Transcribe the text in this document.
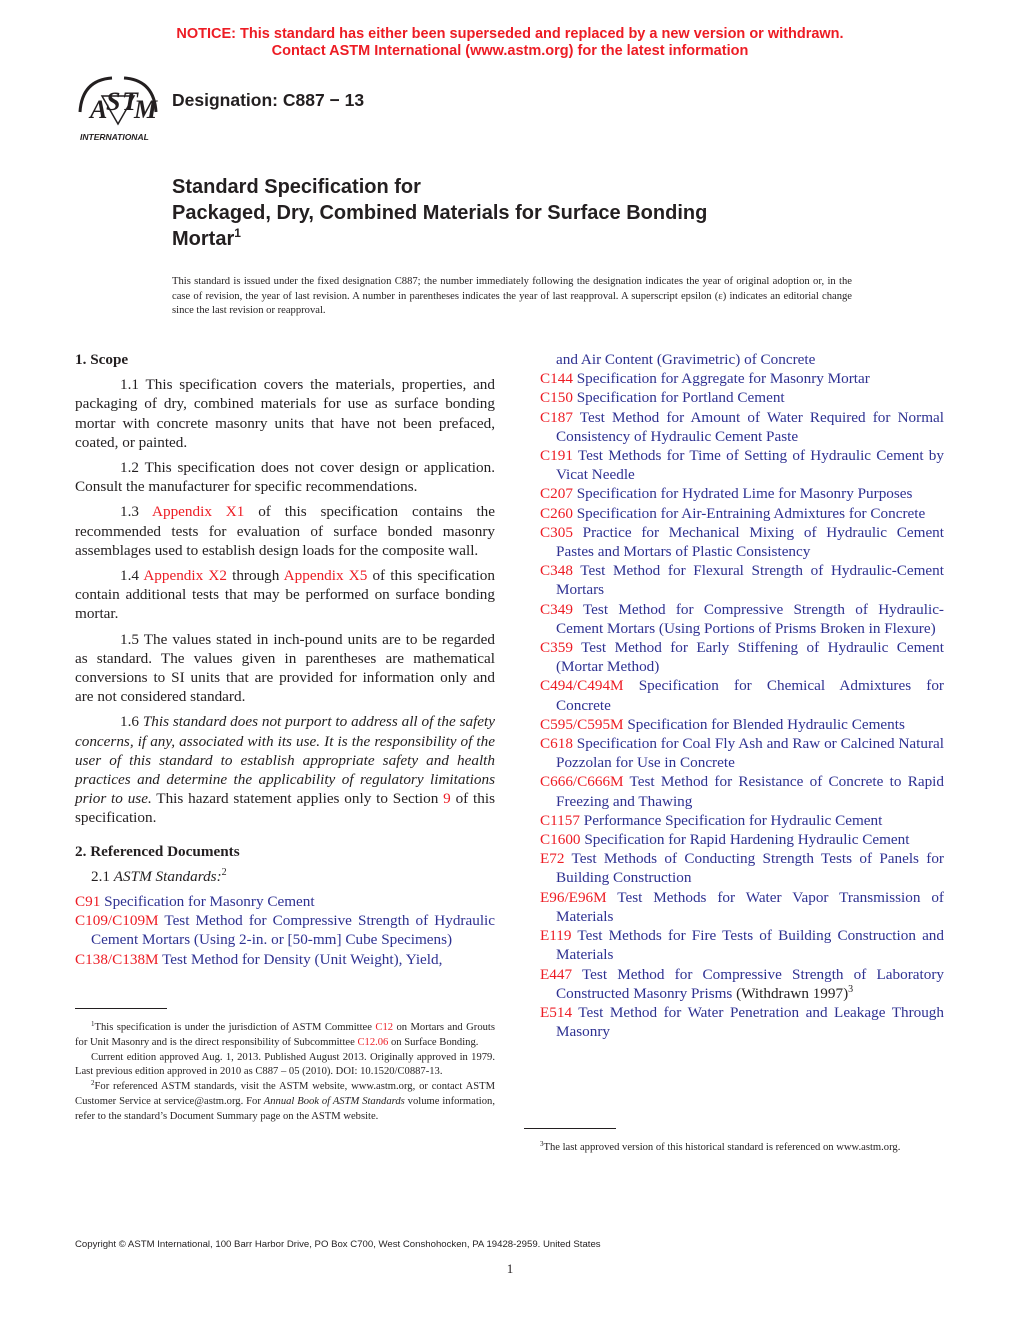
NOTICE: This standard has either been superseded and replaced by a new version or withdrawn.
Contact ASTM International (www.astm.org) for the latest information
A
S T
M
INTERNATIONAL
Designation: C887 − 13
Standard Specification for
Packaged, Dry, Combined Materials for Surface Bonding
Mortar$^1$
This standard is issued under the fixed designation C887; the number immediately following the designation indicates the year of original adoption or, in the case of revision, the year of last revision. A number in parentheses indicates the year of last reapproval. A superscript epsilon (ε) indicates an editorial change since the last revision or reapproval.
1. Scope
1.1 This specification covers the materials, properties, and packaging of dry, combined materials for use as surface bonding mortar with concrete masonry units that have not been prefaced, coated, or painted.
1.2 This specification does not cover design or application. Consult the manufacturer for specific recommendations.
1.3 Appendix X1 of this specification contains the recommended tests for evaluation of surface bonded masonry assemblages used to establish design loads for the composite wall.
1.4 Appendix X2 through Appendix X5 of this specification contain additional tests that may be performed on surface bonding mortar.
1.5 The values stated in inch-pound units are to be regarded as standard. The values given in parentheses are mathematical conversions to SI units that are provided for information only and are not considered standard.
1.6 This standard does not purport to address all of the safety concerns, if any, associated with its use. It is the responsibility of the user of this standard to establish appropriate safety and health practices and determine the applicability of regulatory limitations prior to use. This hazard statement applies only to Section 9 of this specification.
2. Referenced Documents
2.1 ASTM Standards:$^2$
C91 Specification for Masonry Cement
C109/C109M Test Method for Compressive Strength of Hydraulic Cement Mortars (Using 2-in. or [50-mm] Cube Specimens)
C138/C138M Test Method for Density (Unit Weight), Yield,

$^1$This specification is under the jurisdiction of ASTM Committee C12 on Mortars and Grouts for Unit Masonry and is the direct responsibility of Subcommittee C12.06 on Surface Bonding.

Current edition approved Aug. 1, 2013. Published August 2013. Originally approved in 1979. Last previous edition approved in 2010 as C887 – 05 (2010). DOI: 10.1520/C0887-13.

$^2$For referenced ASTM standards, visit the ASTM website, www.astm.org, or contact ASTM Customer Service at service@astm.org. For Annual Book of ASTM Standards volume information, refer to the standard’s Document Summary page on the ASTM website.

and Air Content (Gravimetric) of Concrete
C144 Specification for Aggregate for Masonry Mortar
C150 Specification for Portland Cement
C187 Test Method for Amount of Water Required for Normal Consistency of Hydraulic Cement Paste
C191 Test Methods for Time of Setting of Hydraulic Cement by Vicat Needle
C207 Specification for Hydrated Lime for Masonry Purposes
C260 Specification for Air-Entraining Admixtures for Concrete
C305 Practice for Mechanical Mixing of Hydraulic Cement Pastes and Mortars of Plastic Consistency
C348 Test Method for Flexural Strength of Hydraulic-Cement Mortars
C349 Test Method for Compressive Strength of Hydraulic-Cement Mortars (Using Portions of Prisms Broken in Flexure)
C359 Test Method for Early Stiffening of Hydraulic Cement (Mortar Method)
C494/C494M Specification for Chemical Admixtures for Concrete
C595/C595M Specification for Blended Hydraulic Cements
C618 Specification for Coal Fly Ash and Raw or Calcined Natural Pozzolan for Use in Concrete
C666/C666M Test Method for Resistance of Concrete to Rapid Freezing and Thawing
C1157 Performance Specification for Hydraulic Cement
C1600 Specification for Rapid Hardening Hydraulic Cement
E72 Test Methods of Conducting Strength Tests of Panels for Building Construction
E96/E96M Test Methods for Water Vapor Transmission of Materials
E119 Test Methods for Fire Tests of Building Construction and Materials
E447 Test Method for Compressive Strength of Laboratory Constructed Masonry Prisms (Withdrawn 1997)$^3$
E514 Test Method for Water Penetration and Leakage Through Masonry

$^3$The last approved version of this historical standard is referenced on www.astm.org.

Copyright © ASTM International, 100 Barr Harbor Drive, PO Box C700, West Conshohocken, PA 19428-2959. United States
1
